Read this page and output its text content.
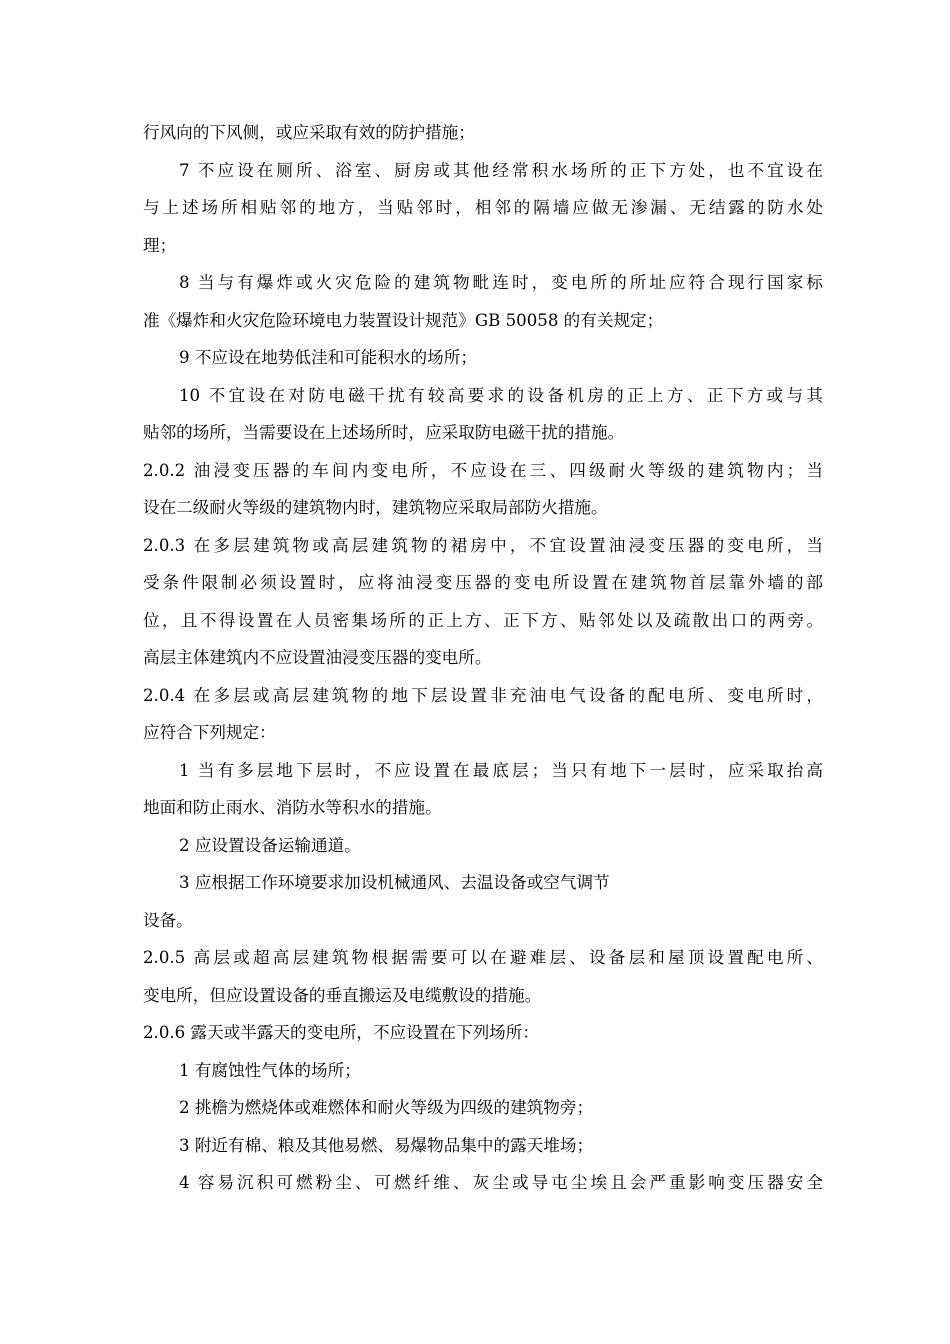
行风向的下风侧，或应采取有效的防护措施；
7 不应设在厕所、浴室、厨房或其他经常积水场所的正下方处，也不宜设在
与上述场所相贴邻的地方，当贴邻时，相邻的隔墙应做无渗漏、无结露的防水处
理；
8 当与有爆炸或火灾危险的建筑物毗连时，变电所的所址应符合现行国家标
准《爆炸和火灾危险环境电力装置设计规范》GB 50058 的有关规定；
9 不应设在地势低洼和可能积水的场所；
10 不宜设在对防电磁干扰有较高要求的设备机房的正上方、正下方或与其
贴邻的场所，当需要设在上述场所时，应采取防电磁干扰的措施。
2.0.2 油浸变压器的车间内变电所，不应设在三、四级耐火等级的建筑物内；当
设在二级耐火等级的建筑物内时，建筑物应采取局部防火措施。
2.0.3 在多层建筑物或高层建筑物的裙房中，不宜设置油浸变压器的变电所，当
受条件限制必须设置时，应将油浸变压器的变电所设置在建筑物首层靠外墙的部
位，且不得设置在人员密集场所的正上方、正下方、贴邻处以及疏散出口的两旁。
高层主体建筑内不应设置油浸变压器的变电所。
2.0.4 在多层或高层建筑物的地下层设置非充油电气设备的配电所、变电所时，
应符合下列规定：
1 当有多层地下层时，不应设置在最底层；当只有地下一层时，应采取抬高
地面和防止雨水、消防水等积水的措施。
2 应设置设备运输通道。
3 应根据工作环境要求加设机械通风、去温设备或空气调节
设备。
2.0.5 高层或超高层建筑物根据需要可以在避难层、设备层和屋顶设置配电所、
变电所，但应设置设备的垂直搬运及电缆敷设的措施。
2.0.6 露天或半露天的变电所，不应设置在下列场所：
1 有腐蚀性气体的场所；
2 挑檐为燃烧体或难燃体和耐火等级为四级的建筑物旁；
3 附近有棉、粮及其他易燃、易爆物品集中的露天堆场；
4 容易沉积可燃粉尘、可燃纤维、灰尘或导屯尘埃且会严重影响变压器安全
